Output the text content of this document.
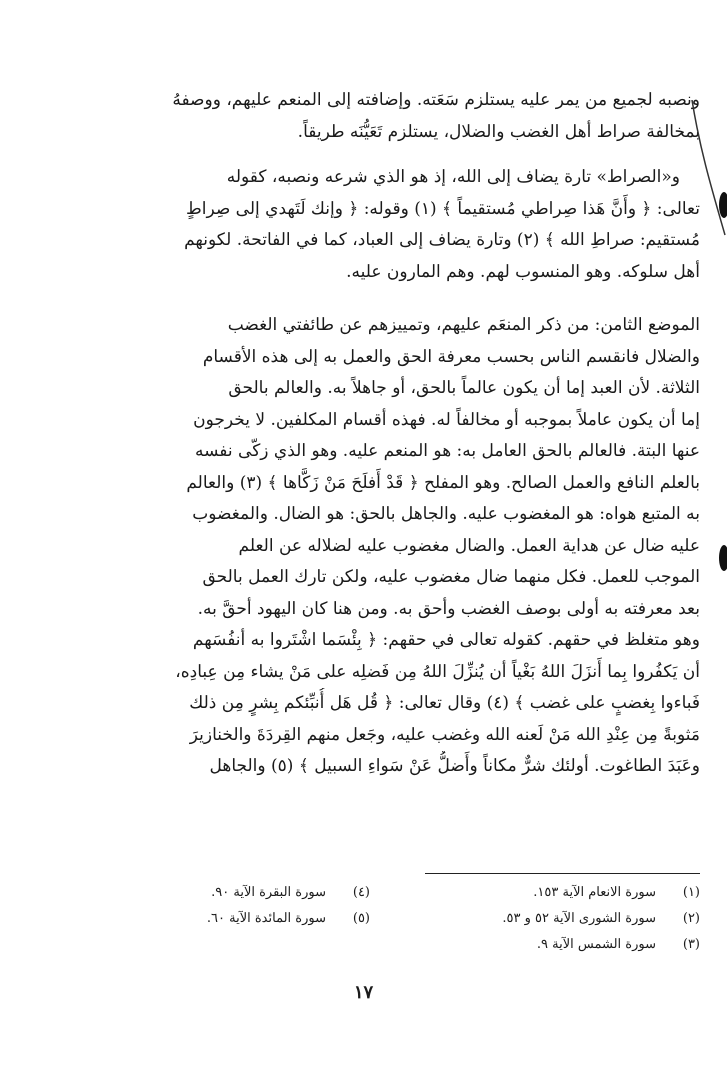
ونصبه لجميع من يمر عليه يستلزم سَعَته. وإضافته إلى المنعم عليهم، ووصفهُ
بمخالفة صراط أهل الغضب والضلال، يستلزم تَعَيُّنَه طريقاً.
و«الصراط» تارة يضاف إلى الله، إذ هو الذي شرعه ونصبه، كقوله
تعالى: ﴿ وأَنَّ هَذا صِراطي مُستقيماً ﴾ (١) وقوله: ﴿ وإنك لَتَهدي إلى صِراطٍ
مُستقيم: صراطِ الله ﴾ (٢) وتارة يضاف إلى العباد، كما في الفاتحة. لكونهم
أهل سلوكه. وهو المنسوب لهم. وهم المارون عليه.
الموضع الثامن: من ذكر المنعَم عليهم، وتمييزهم عن طائفتي الغضب
والضلال فانقسم الناس بحسب معرفة الحق والعمل به إلى هذه الأقسام
الثلاثة. لأن العبد إما أن يكون عالماً بالحق، أو جاهلاً به. والعالم بالحق
إما أن يكون عاملاً بموجبه أو مخالفاً له. فهذه أقسام المكلفين. لا يخرجون
عنها البتة. فالعالم بالحق العامل به: هو المنعم عليه. وهو الذي زكّى نفسه
بالعلم النافع والعمل الصالح. وهو المفلح ﴿ قَدْ أَفلَحَ مَنْ زَكَّاها ﴾ (٣) والعالم
به المتبع هواه: هو المغضوب عليه. والجاهل بالحق: هو الضال. والمغضوب
عليه ضال عن هداية العمل. والضال مغضوب عليه لضلاله عن العلم
الموجب للعمل. فكل منهما ضال مغضوب عليه، ولكن تارك العمل بالحق
بعد معرفته به أولى بوصف الغضب وأحق به. ومن هنا كان اليهود أحقَّ به.
وهو متغلظ في حقهم. كقوله تعالى في حقهم: ﴿ بِئْسَما اشْتَروا به أنفُسَهم
أن يَكفُروا بِما أَنزَلَ اللهُ بَغْياً أن يُنزِّلَ اللهُ مِن فَضلِه على مَنْ يشاء مِن عِبادِه،
فَباءوا بِغضبٍ على غضب ﴾ (٤) وقال تعالى: ﴿ قُل هَل أُنبِّئكم بِشرٍ مِن ذلك
مَثوبةً مِن عِنْدِ الله مَنْ لَعنه الله وغضب عليه، وجَعل منهم القِردَةَ والخنازيرَ
وعَبَدَ الطاغوت. أولئك شرٌّ مكاناً وأَضلُّ عَنْ سَواءِ السبيل ﴾ (٥) والجاهل
(١)سورة الانعام الآية ١٥٣.
(٢)سورة الشورى الآية ٥٢ و ٥٣.
(٣)سورة الشمس الآية ٩.
(٤)سورة البقرة الآية ٩٠.
(٥)سورة المائدة الآية ٦٠.
١٧
